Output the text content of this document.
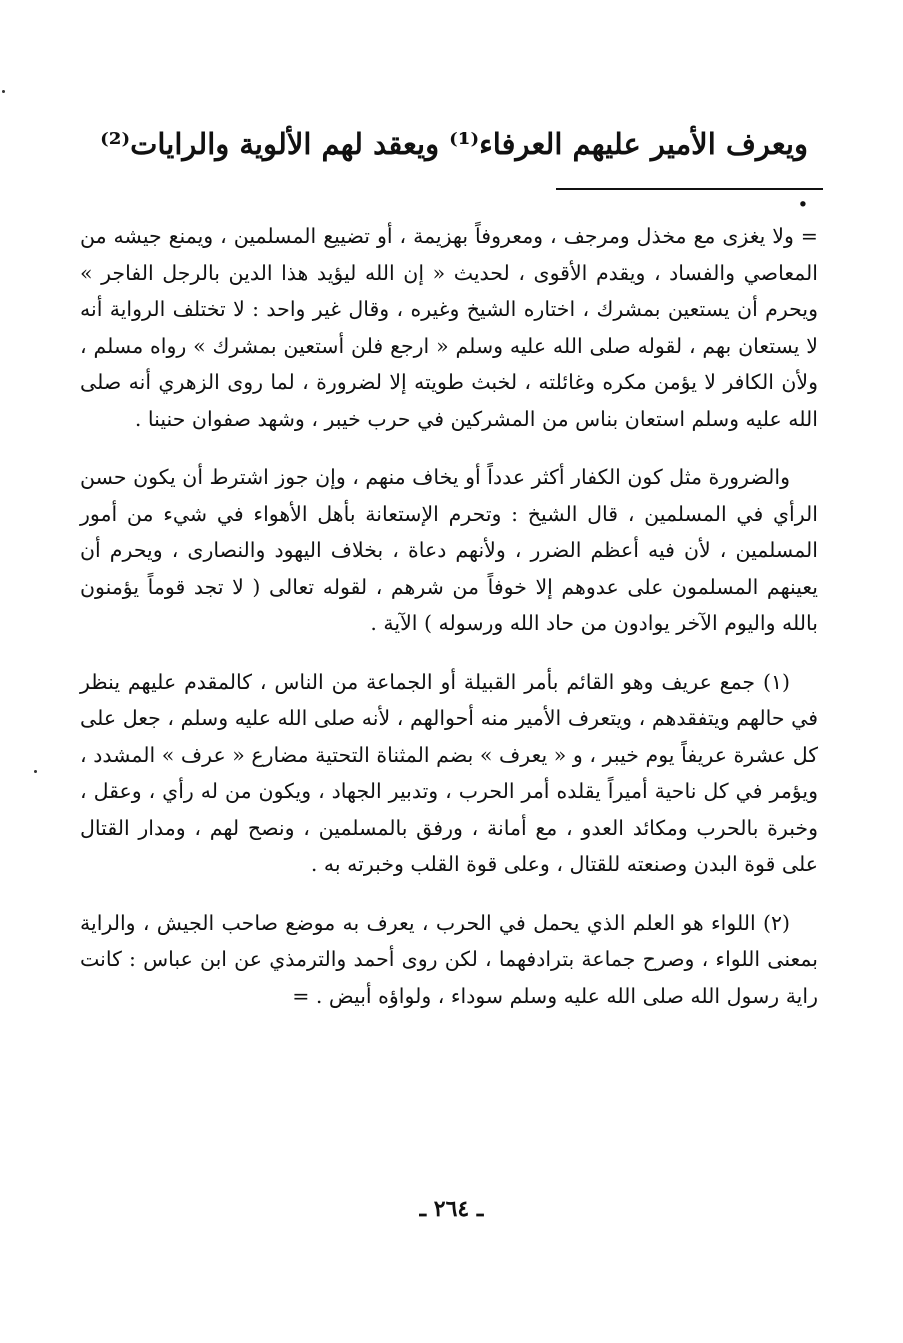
ويعرف الأمير عليهم العرفاء⁽¹⁾ ويعقد لهم الألوية والرايات⁽²⁾ .

= ولا يغزى مع مخذل ومرجف ، ومعروفاً بهزيمة ، أو تضييع المسلمين ، ويمنع جيشه من المعاصي والفساد ، ويقدم الأقوى ، لحديث « إن الله ليؤيد هذا الدين بالرجل الفاجر » ويحرم أن يستعين بمشرك ، اختاره الشيخ وغيره ، وقال غير واحد : لا تختلف الرواية أنه لا يستعان بهم ، لقوله صلى الله عليه وسلم « ارجع فلن أستعين بمشرك » رواه مسلم ، ولأن الكافر لا يؤمن مكره وغائلته ، لخبث طويته إلا لضرورة ، لما روى الزهري أنه صلى الله عليه وسلم استعان بناس من المشركين في حرب خيبر ، وشهد صفوان حنينا .

والضرورة مثل كون الكفار أكثر عدداً أو يخاف منهم ، وإن جوز اشترط أن يكون حسن الرأي في المسلمين ، قال الشيخ : وتحرم الإستعانة بأهل الأهواء في شيء من أمور المسلمين ، لأن فيه أعظم الضرر ، ولأنهم دعاة ، بخلاف اليهود والنصارى ، ويحرم أن يعينهم المسلمون على عدوهم إلا خوفاً من شرهم ، لقوله تعالى ( لا تجد قوماً يؤمنون بالله واليوم الآخر يوادون من حاد الله ورسوله ) الآية .

(١) جمع عريف وهو القائم بأمر القبيلة أو الجماعة من الناس ، كالمقدم عليهم ينظر في حالهم ويتفقدهم ، ويتعرف الأمير منه أحوالهم ، لأنه صلى الله عليه وسلم ، جعل على كل عشرة عريفاً يوم خيبر ، و « يعرف » بضم المثناة التحتية مضارع « عرف » المشدد ، ويؤمر في كل ناحية أميراً يقلده أمر الحرب ، وتدبير الجهاد ، ويكون من له رأي ، وعقل ، وخبرة بالحرب ومكائد العدو ، مع أمانة ، ورفق بالمسلمين ، ونصح لهم ، ومدار القتال على قوة البدن وصنعته للقتال ، وعلى قوة القلب وخبرته به .

(٢) اللواء هو العلم الذي يحمل في الحرب ، يعرف به موضع صاحب الجيش ، والراية بمعنى اللواء ، وصرح جماعة بترادفهما ، لكن روى أحمد والترمذي عن ابن عباس : كانت راية رسول الله صلى الله عليه وسلم سوداء ، ولواؤه أبيض . =

ـ ٢٦٤ ـ
